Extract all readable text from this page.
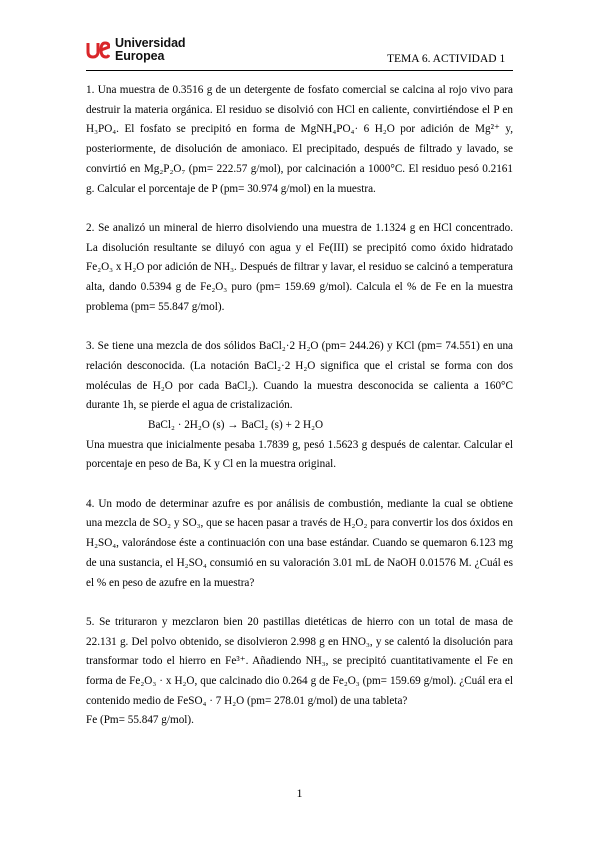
Universidad
Europea	TEMA 6. ACTIVIDAD 1

1. Una muestra de 0.3516 g de un detergente de fosfato comercial se calcina al rojo vivo para destruir la materia orgánica. El residuo se disolvió con HCl en caliente, convirtiéndose el P en H₃PO₄. El fosfato se precipitó en forma de MgNH₄PO₄· 6 H₂O por adición de Mg²⁺ y, posteriormente, de disolución de amoniaco. El precipitado, después de filtrado y lavado, se convirtió en Mg₂P₂O₇ (pm= 222.57 g/mol), por calcinación a 1000°C. El residuo pesó 0.2161 g. Calcular el porcentaje de P (pm= 30.974 g/mol) en la muestra.

2. Se analizó un mineral de hierro disolviendo una muestra de 1.1324 g en HCl concentrado. La disolución resultante se diluyó con agua y el Fe(III) se precipitó como óxido hidratado Fe₂O₃ x H₂O por adición de NH₃. Después de filtrar y lavar, el residuo se calcinó a temperatura alta, dando 0.5394 g de Fe₂O₃ puro (pm= 159.69 g/mol). Calcula el % de Fe en la muestra problema (pm= 55.847 g/mol).

3. Se tiene una mezcla de dos sólidos BaCl₂·2 H₂O (pm= 244.26) y KCl (pm= 74.551) en una relación desconocida. (La notación BaCl₂·2 H₂O significa que el cristal se forma con dos moléculas de H₂O por cada BaCl₂). Cuando la muestra desconocida se calienta a 160°C durante 1h, se pierde el agua de cristalización.
BaCl₂ · 2H₂O (s) → BaCl₂ (s) + 2 H₂O
Una muestra que inicialmente pesaba 1.7839 g, pesó 1.5623 g después de calentar. Calcular el porcentaje en peso de Ba, K y Cl en la muestra original.

4. Un modo de determinar azufre es por análisis de combustión, mediante la cual se obtiene una mezcla de SO₂ y SO₃, que se hacen pasar a través de H₂O₂ para convertir los dos óxidos en H₂SO₄, valorándose éste a continuación con una base estándar. Cuando se quemaron 6.123 mg de una sustancia, el H₂SO₄ consumió en su valoración 3.01 mL de NaOH 0.01576 M. ¿Cuál es el % en peso de azufre en la muestra?

5. Se trituraron y mezclaron bien 20 pastillas dietéticas de hierro con un total de masa de 22.131 g. Del polvo obtenido, se disolvieron 2.998 g en HNO₃, y se calentó la disolución para transformar todo el hierro en Fe³⁺. Añadiendo NH₃, se precipitó cuantitativamente el Fe en forma de Fe₂O₃ · x H₂O, que calcinado dio 0.264 g de Fe₂O₃ (pm= 159.69 g/mol). ¿Cuál era el contenido medio de FeSO₄ · 7 H₂O (pm= 278.01 g/mol) de una tableta?
Fe (Pm= 55.847 g/mol).

1
